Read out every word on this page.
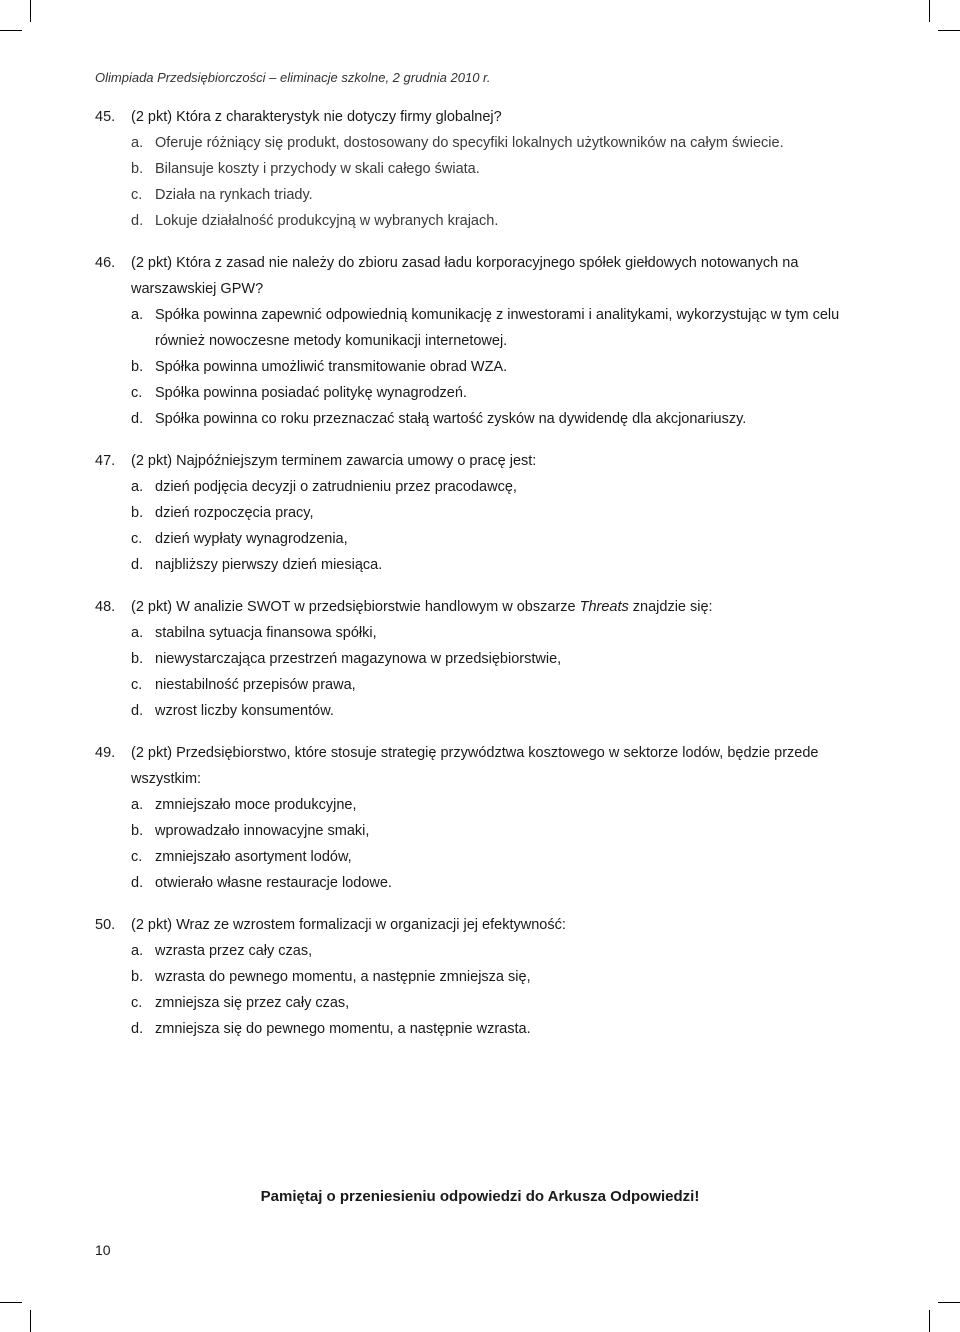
Olimpiada Przedsiębiorczości – eliminacje szkolne, 2 grudnia 2010 r.
45.	(2 pkt) Która z charakterystyk nie dotyczy firmy globalnej?
a. Oferuje różniący się produkt, dostosowany do specyfiki lokalnych użytkowników na całym świecie.
b. Bilansuje koszty i przychody w skali całego świata.
c. Działa na rynkach triady.
d. Lokuje działalność produkcyjną w wybranych krajach.
46.	(2 pkt) Która z zasad nie należy do zbioru zasad ładu korporacyjnego spółek giełdowych notowanych na warszawskiej GPW?
a. Spółka powinna zapewnić odpowiednią komunikację z inwestorami i analitykami, wykorzystując w tym celu również nowoczesne metody komunikacji internetowej.
b. Spółka powinna umożliwić transmitowanie obrad WZA.
c. Spółka powinna posiadać politykę wynagrodzeń.
d. Spółka powinna co roku przeznaczać stałą wartość zysków na dywidendę dla akcjonariuszy.
47.	(2 pkt) Najpóźniejszym terminem zawarcia umowy o pracę jest:
a. dzień podjęcia decyzji o zatrudnieniu przez pracodawcę,
b. dzień rozpoczęcia pracy,
c. dzień wypłaty wynagrodzenia,
d. najbliższy pierwszy dzień miesiąca.
48.	(2 pkt) W analizie SWOT w przedsiębiorstwie handlowym w obszarze Threats znajdzie się:
a. stabilna sytuacja finansowa spółki,
b. niewystarczająca przestrzeń magazynowa w przedsiębiorstwie,
c. niestabilność przepisów prawa,
d. wzrost liczby konsumentów.
49.	(2 pkt) Przedsiębiorstwo, które stosuje strategię przywództwa kosztowego w sektorze lodów, będzie przede wszystkim:
a. zmniejszało moce produkcyjne,
b. wprowadzało innowacyjne smaki,
c. zmniejszało asortyment lodów,
d. otwierało własne restauracje lodowe.
50.	(2 pkt) Wraz ze wzrostem formalizacji w organizacji jej efektywność:
a. wzrasta przez cały czas,
b. wzrasta do pewnego momentu, a następnie zmniejsza się,
c. zmniejsza się przez cały czas,
d. zmniejsza się do pewnego momentu, a następnie wzrasta.
Pamiętaj o przeniesieniu odpowiedzi do Arkusza Odpowiedzi!
10
